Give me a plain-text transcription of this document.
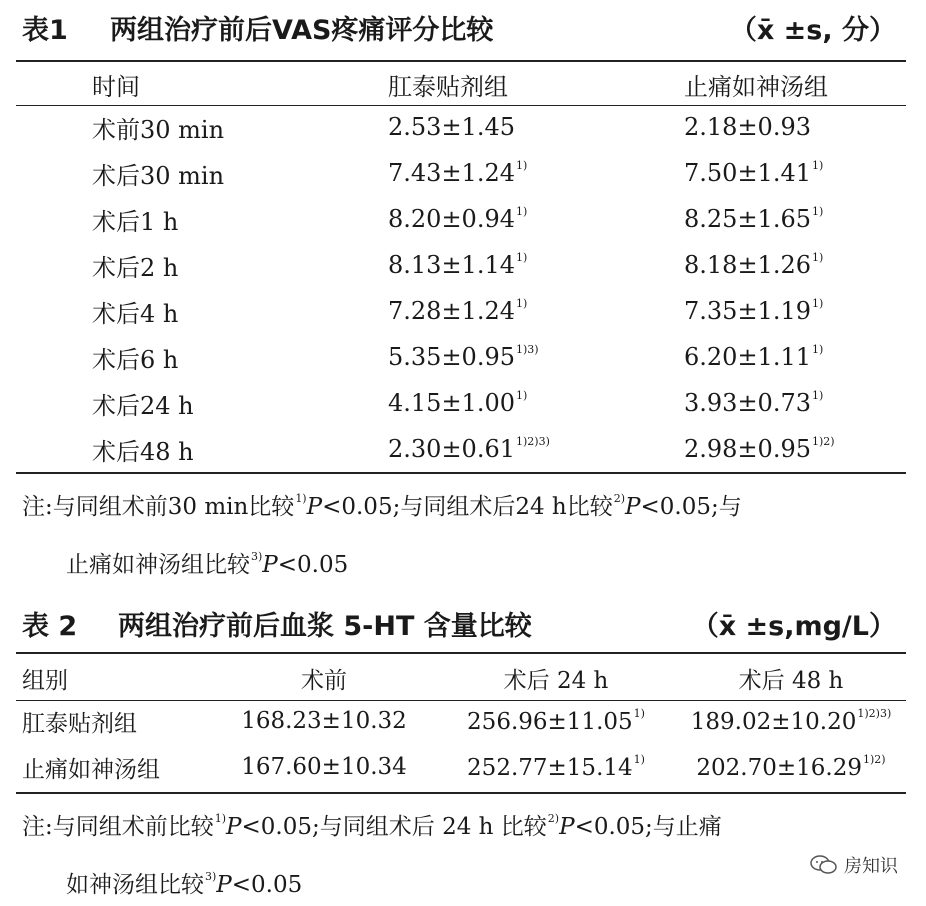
表1 两组治疗前后VAS疼痛评分比较	（x̄ ±s, 分）
时间	肛泰贴剂组	止痛如神汤组
术前30 min	2.53±1.45	2.18±0.93
术后30 min	$7.43\pm 1.24^{1)}$	$7.50\pm 1.41^{1)}$
术后1 h	$8.20\pm 0.94^{1)}$	$8.25\pm 1.65^{1)}$
术后2 h	$8.13\pm 1.14^{1)}$	$8.18\pm 1.26^{1)}$
术后4 h	$7.28\pm 1.24^{1)}$	$7.35\pm 1.19^{1)}$
术后6 h	$5.35\pm 0.95^{1)3)}$	$6.20\pm 1.11^{1)}$
术后24 h	$4.15\pm 1.00^{1)}$	$3.93\pm 0.73^{1)}$
术后48 h	$2.30\pm 0.61^{1)2)3)}$	$2.98\pm 0.95^{1)2)}$
注:与同组术前30 min比较$^{1)}$P<0.05;与同组术后24 h比较$^{2)}$P<0.05;与
止痛如神汤组比较$^{3)}$P<0.05
表 2 两组治疗前后血浆 5-HT 含量比较	（x̄ ±s,mg/L）
组别	术前	术后 24 h	术后 48 h
肛泰贴剂组	168.23±10.32	$256.96\pm 11.05^{1)}$	$189.02\pm 10.20^{1)2)3)}$
止痛如神汤组	167.60±10.34	$252.77\pm 15.14^{1)}$	$202.70\pm 16.29^{1)2)}$
注:与同组术前比较$^{1)}$P<0.05;与同组术后 24 h 比较$^{2)}$P<0.05;与止痛
如神汤组比较$^{3)}$P<0.05
房知识
